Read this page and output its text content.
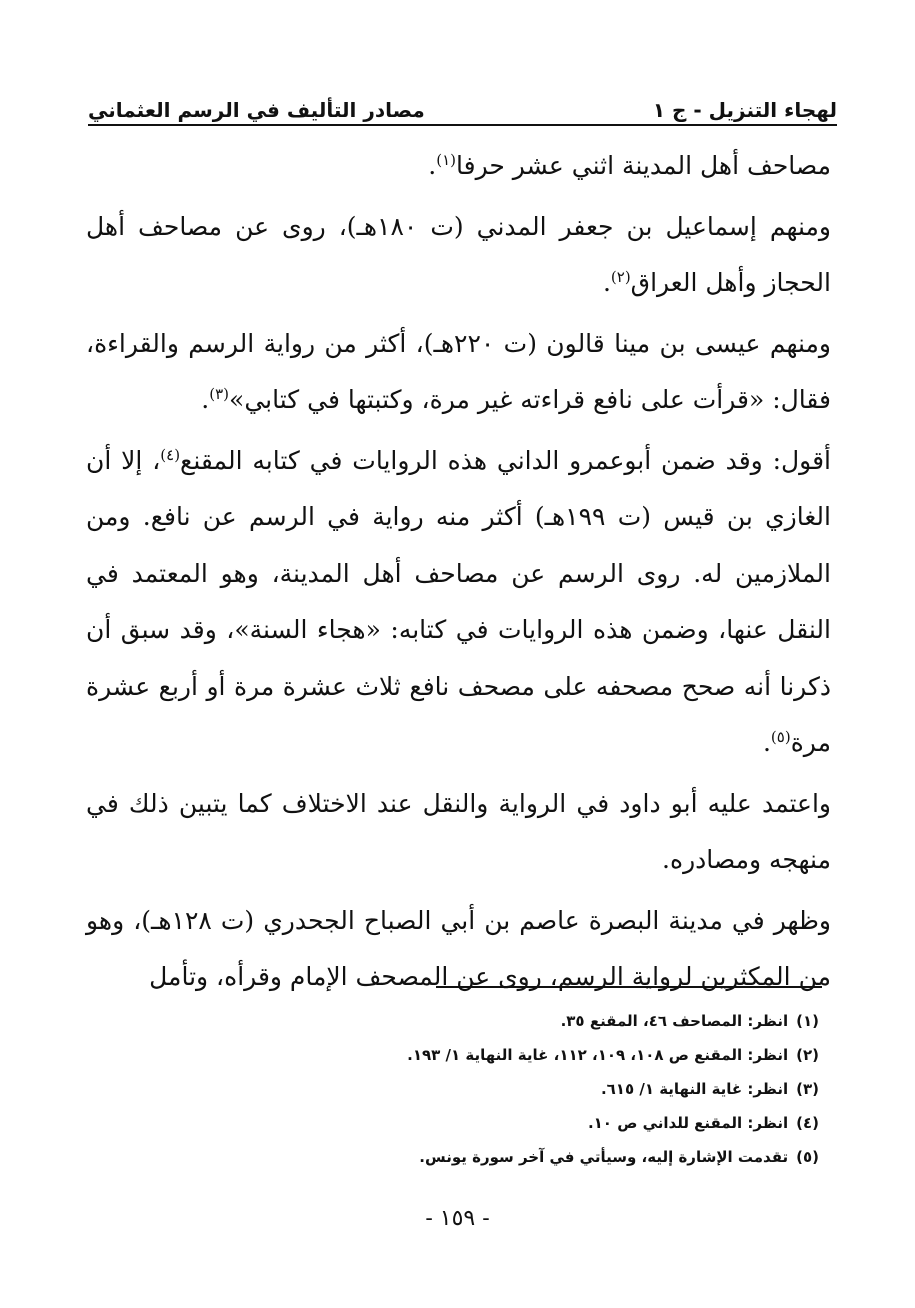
لهجاء التنزيل - ج ١
مصادر التأليف في الرسم العثماني

مصاحف أهل المدينة اثني عشر حرفا$^{(١)}$.

ومنهم إسماعيل بن جعفر المدني (ت ١٨٠هـ)، روى عن مصاحف أهل الحجاز وأهل العراق$^{(٢)}$.

ومنهم عيسى بن مينا قالون (ت ٢٢٠هـ)، أكثر من رواية الرسم والقراءة، فقال: «قرأت على نافع قراءته غير مرة، وكتبتها في كتابي»$^{(٣)}$.

أقول: وقد ضمن أبوعمرو الداني هذه الروايات في كتابه المقنع$^{(٤)}$، إلا أن الغازي بن قيس (ت ١٩٩هـ) أكثر منه رواية في الرسم عن نافع. ومن الملازمين له. روى الرسم عن مصاحف أهل المدينة، وهو المعتمد في النقل عنها، وضمن هذه الروايات في كتابه: «هجاء السنة»، وقد سبق أن ذكرنا أنه صحح مصحفه على مصحف نافع ثلاث عشرة مرة أو أربع عشرة مرة$^{(٥)}$.

واعتمد عليه أبو داود في الرواية والنقل عند الاختلاف كما يتبين ذلك في منهجه ومصادره.

وظهر في مدينة البصرة عاصم بن أبي الصباح الجحدري (ت ١٢٨هـ)، وهو من المكثرين لرواية الرسم، روى عن المصحف الإمام وقرأه، وتأمل

(١)انظر: المصاحف ٤٦، المقنع ٣٥.
(٢)انظر: المقنع ص ١٠٨، ١٠٩، ١١٢، غاية النهاية ١/ ١٩٣.
(٣)انظر: غاية النهاية ١/ ٦١٥.
(٤)انظر: المقنع للداني ص ١٠.
(٥)تقدمت الإشارة إليه، وسيأتي في آخر سورة يونس.
- ١٥٩ -
